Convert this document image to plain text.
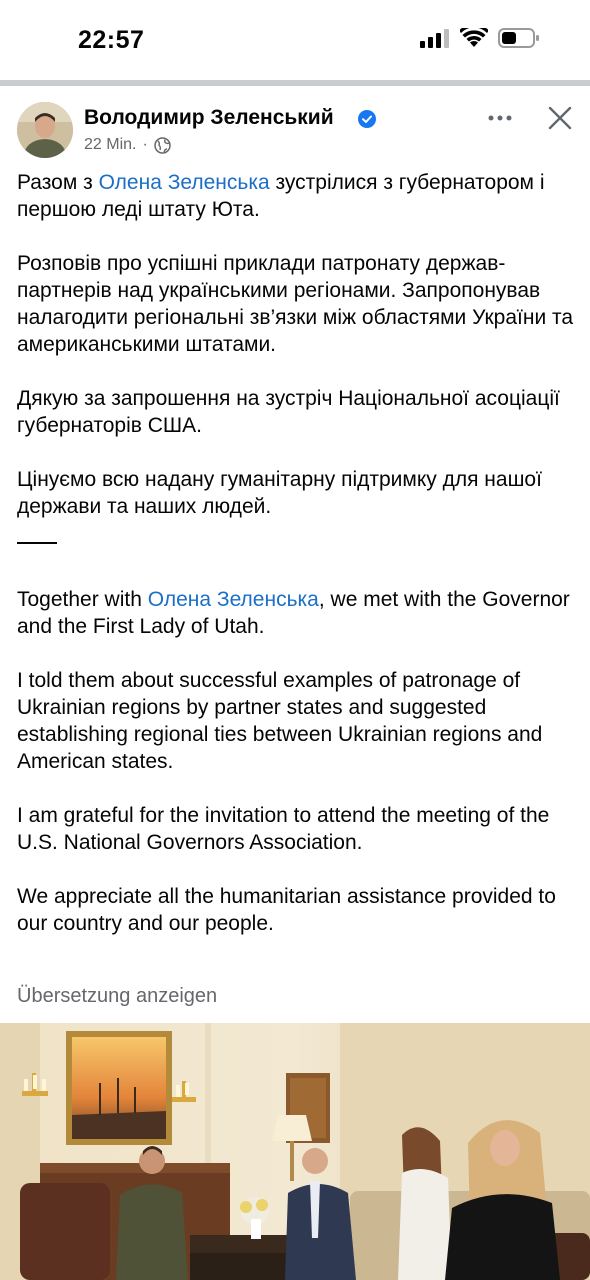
22:57
Володимир Зеленський
22 Min. ·

Разом з Олена Зеленська зустрілися з губернатором і першою леді штату Юта.

Розповів про успішні приклади патронату держав-партнерів над українськими регіонами. Запропонував налагодити регіональні зв’язки між областями України та американськими штатами.

Дякую за запрошення на зустріч Національної асоціації губернаторів США.

Цінуємо всю надану гуманітарну підтримку для нашої держави та наших людей.

Together with Олена Зеленська, we met with the Governor and the First Lady of Utah.

I told them about successful examples of patronage of Ukrainian regions by partner states and suggested establishing regional ties between Ukrainian regions and American states.

I am grateful for the invitation to attend the meeting of the U.S. National Governors Association.

We appreciate all the humanitarian assistance provided to our country and our people.

Übersetzung anzeigen
